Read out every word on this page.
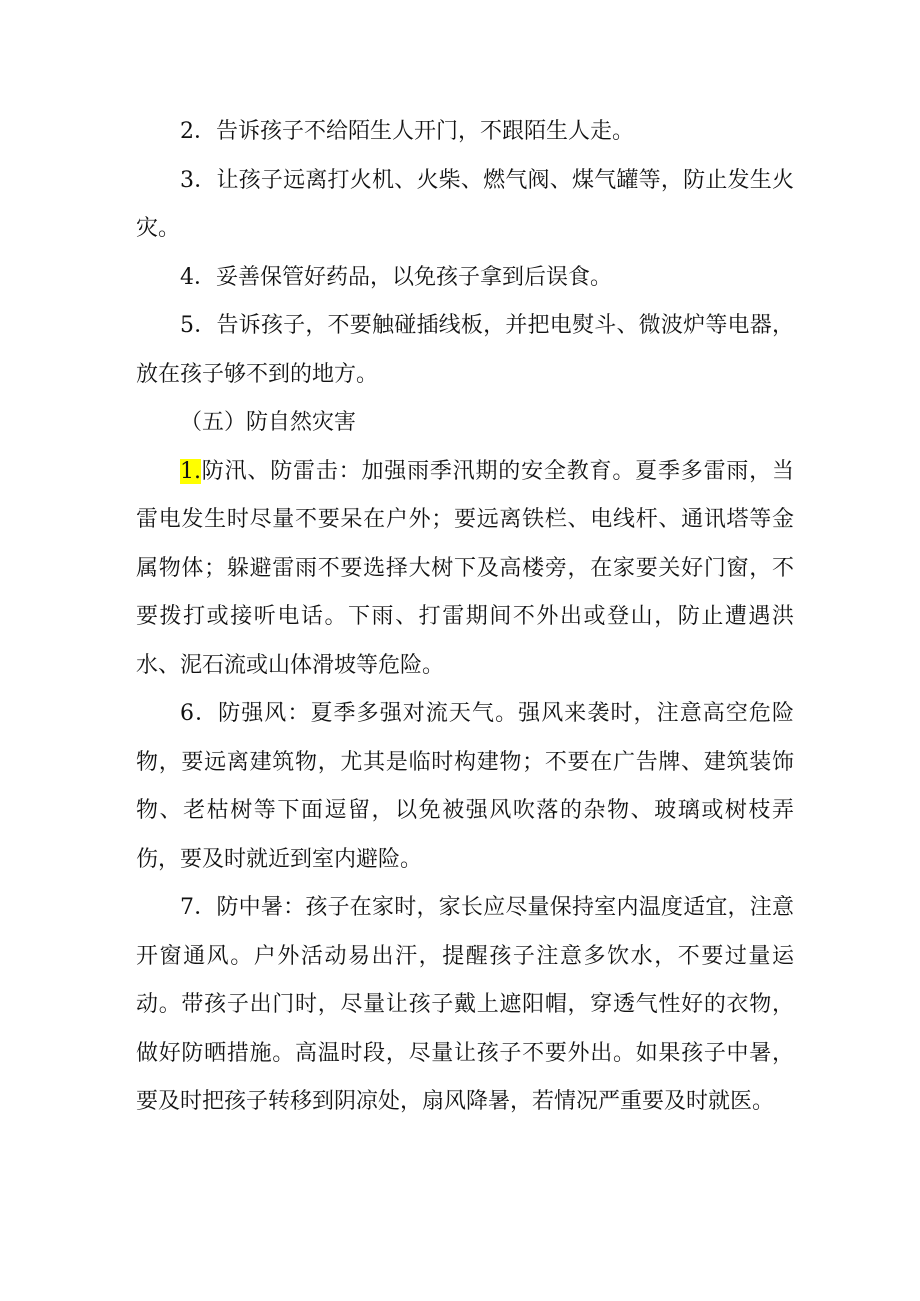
2．告诉孩子不给陌生人开门，不跟陌生人走。

3．让孩子远离打火机、火柴、燃气阀、煤气罐等，防止发生火灾。

4．妥善保管好药品，以免孩子拿到后误食。

5．告诉孩子，不要触碰插线板，并把电熨斗、微波炉等电器，放在孩子够不到的地方。

（五）防自然灾害

1.防汛、防雷击：加强雨季汛期的安全教育。夏季多雷雨，当雷电发生时尽量不要呆在户外；要远离铁栏、电线杆、通讯塔等金属物体；躲避雷雨不要选择大树下及高楼旁，在家要关好门窗，不要拨打或接听电话。下雨、打雷期间不外出或登山，防止遭遇洪水、泥石流或山体滑坡等危险。

6．防强风：夏季多强对流天气。强风来袭时，注意高空危险物，要远离建筑物，尤其是临时构建物；不要在广告牌、建筑装饰物、老枯树等下面逗留，以免被强风吹落的杂物、玻璃或树枝弄伤，要及时就近到室内避险。

7．防中暑：孩子在家时，家长应尽量保持室内温度适宜，注意开窗通风。户外活动易出汗，提醒孩子注意多饮水，不要过量运动。带孩子出门时，尽量让孩子戴上遮阳帽，穿透气性好的衣物，做好防晒措施。高温时段，尽量让孩子不要外出。如果孩子中暑，要及时把孩子转移到阴凉处，扇风降暑，若情况严重要及时就医。
